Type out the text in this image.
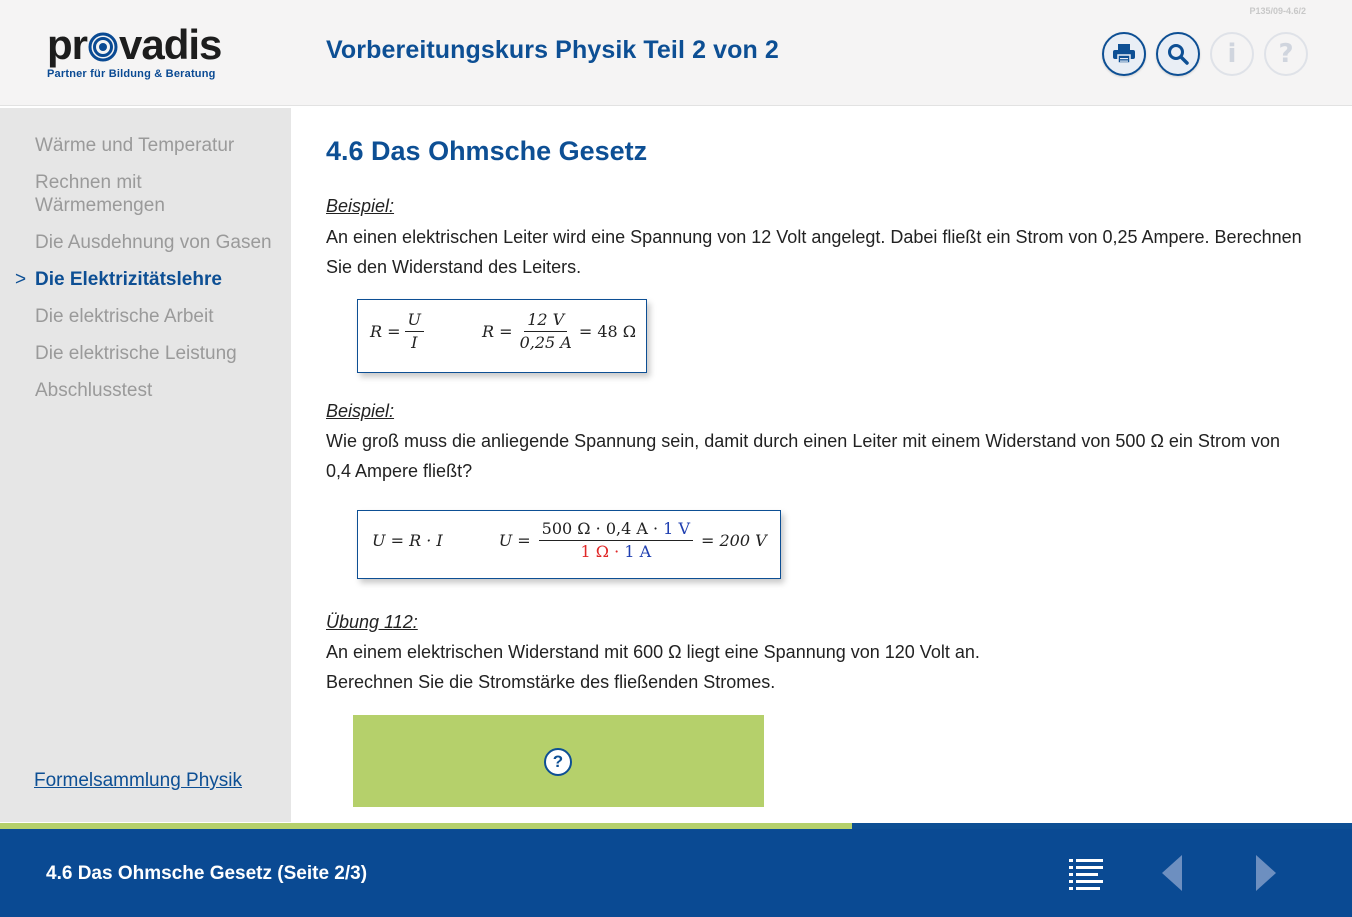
pr vadis
Partner für Bildung & Beratung
Vorbereitungskurs Physik Teil 2 von 2
P135/09-4.6/2
i ?
Wärme und Temperatur
Rechnen mit Wärmemengen
Die Ausdehnung von Gasen
> Die Elektrizitätslehre
Die elektrische Arbeit
Die elektrische Leistung
Abschlusstest
Formelsammlung Physik
4.6 Das Ohmsche Gesetz
Beispiel:
An einen elektrischen Leiter wird eine Spannung von 12 Volt angelegt. Dabei fließt ein Strom von 0,25 Ampere. Berechnen Sie den Widerstand des Leiters.
$R = \frac{U}{I}$	$R = \frac{12 V}{0,25 A} = 48$ Ω
Beispiel:
Wie groß muss die anliegende Spannung sein, damit durch einen Leiter mit einem Widerstand von 500 Ω ein Strom von 0,4 Ampere fließt?
U = R · I	$U = \frac{500 \Omega \cdot 0,4 A \cdot 1 V}{1 \Omega \cdot 1 A} = 200$ V
Übung 112:
An einem elektrischen Widerstand mit 600 Ω liegt eine Spannung von 120 Volt an.
Berechnen Sie die Stromstärke des fließenden Stromes.
?
4.6 Das Ohmsche Gesetz (Seite 2/3)
